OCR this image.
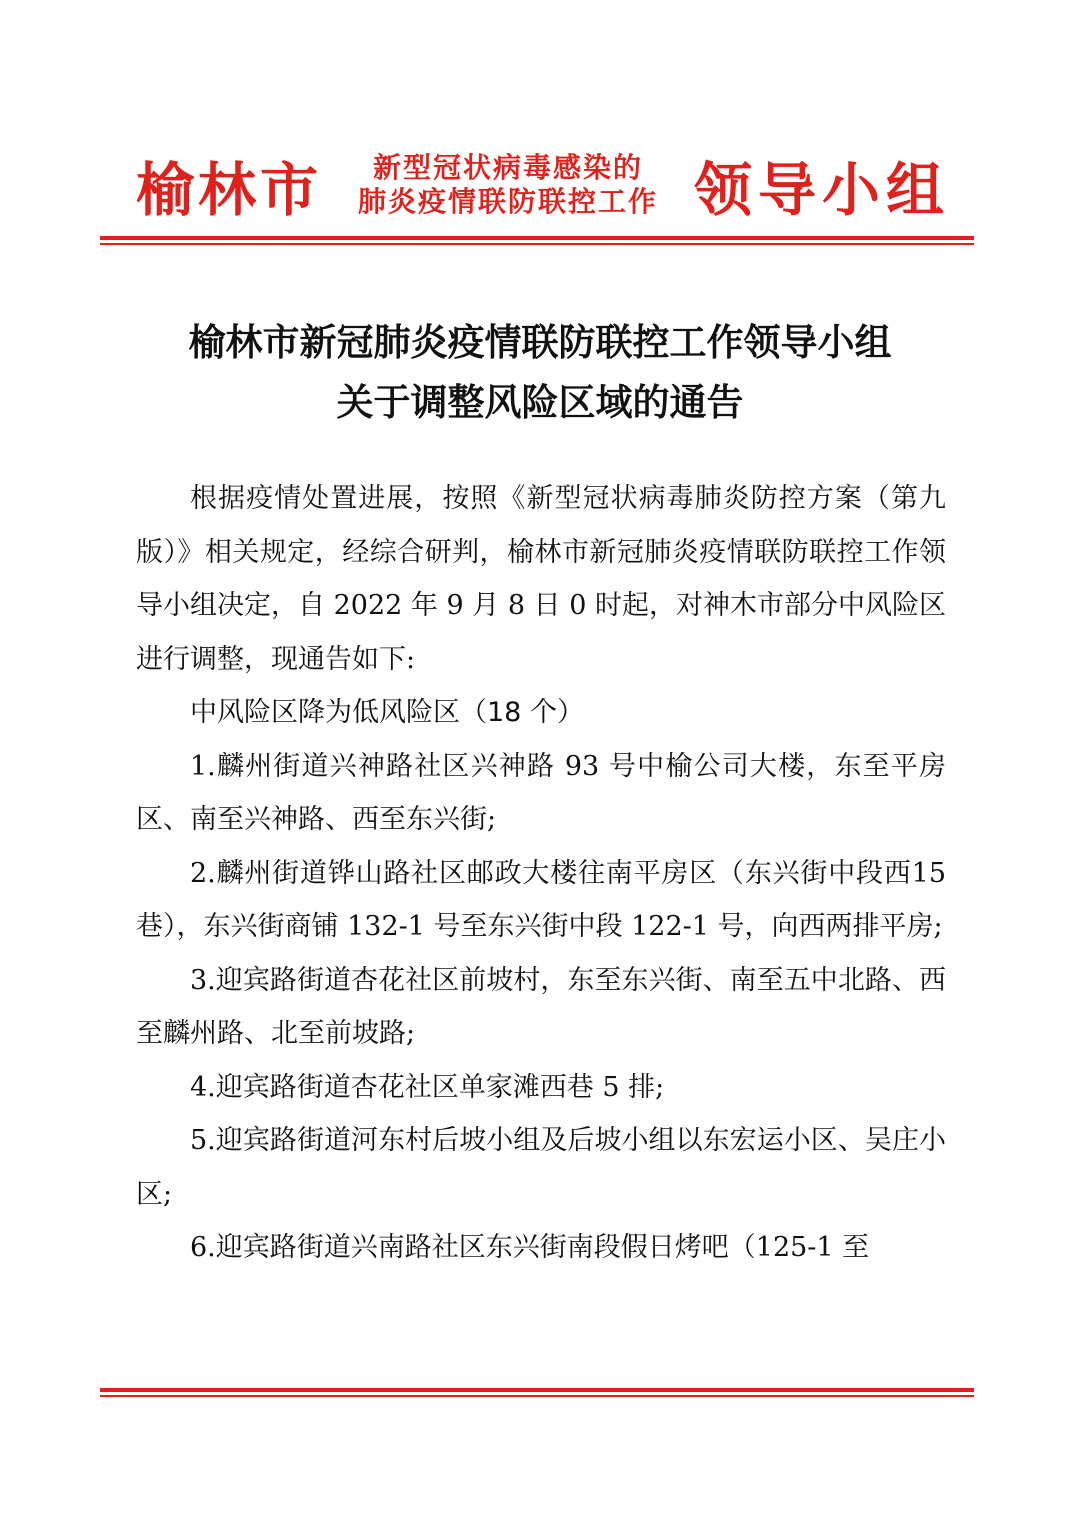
榆林市 新型冠状病毒感染的
肺炎疫情联防联控工作 领导小组
榆林市新冠肺炎疫情联防联控工作领导小组
关于调整风险区域的通告

根据疫情处置进展，按照《新型冠状病毒肺炎防控方案（第九版）》相关规定，经综合研判，榆林市新冠肺炎疫情联防联控工作领导小组决定，自 2022 年 9 月 8 日 0 时起，对神木市部分中风险区进行调整，现通告如下:

中风险区降为低风险区（18 个）

1.麟州街道兴神路社区兴神路 93 号中榆公司大楼，东至平房区、南至兴神路、西至东兴街;

2.麟州街道铧山路社区邮政大楼往南平房区（东兴街中段西15 巷），东兴街商铺 132-1 号至东兴街中段 122-1 号，向西两排平房;

3.迎宾路街道杏花社区前坡村，东至东兴街、南至五中北路、西至麟州路、北至前坡路;

4.迎宾路街道杏花社区单家滩西巷 5 排;

5.迎宾路街道河东村后坡小组及后坡小组以东宏运小区、吴庄小区;

6.迎宾路街道兴南路社区东兴街南段假日烤吧（125-1 至
